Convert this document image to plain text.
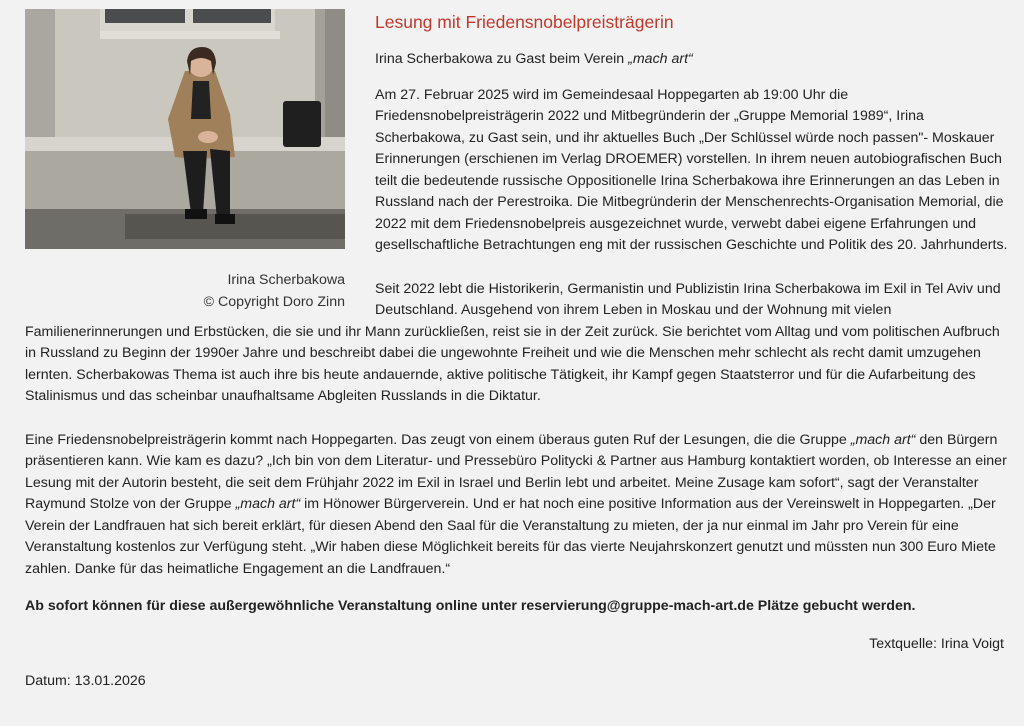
Irina Scherbakowa
© Copyright Doro Zinn
Lesung mit Friedensnobelpreisträgerin

Irina Scherbakowa zu Gast beim Verein „mach art“

Am 27. Februar 2025 wird im Gemeindesaal Hoppegarten ab 19:00 Uhr die Friedensnobelpreisträgerin 2022 und Mitbegründerin der „Gruppe Memorial 1989“, Irina Scherbakowa, zu Gast sein, und ihr aktuelles Buch „Der Schlüssel würde noch passen"- Moskauer Erinnerungen (erschienen im Verlag DROEMER) vorstellen. In ihrem neuen autobiografischen Buch teilt die bedeutende russische Oppositionelle Irina Scherbakowa ihre Erinnerungen an das Leben in Russland nach der Perestroika. Die Mitbegründerin der Menschenrechts-Organisation Memorial, die 2022 mit dem Friedensnobelpreis ausgezeichnet wurde, verwebt dabei eigene Erfahrungen und gesellschaftliche Betrachtungen eng mit der russischen Geschichte und Politik des 20. Jahrhunderts.

Seit 2022 lebt die Historikerin, Germanistin und Publizistin Irina Scherbakowa im Exil in Tel Aviv und Deutschland. Ausgehend von ihrem Leben in Moskau und der Wohnung mit vielen Familienerinnerungen und Erbstücken, die sie und ihr Mann zurückließen, reist sie in der Zeit zurück. Sie berichtet vom Alltag und vom politischen Aufbruch in Russland zu Beginn der 1990er Jahre und beschreibt dabei die ungewohnte Freiheit und wie die Menschen mehr schlecht als recht damit umzugehen lernten. Scherbakowas Thema ist auch ihre bis heute andauernde, aktive politische Tätigkeit, ihr Kampf gegen Staatsterror und für die Aufarbeitung des Stalinismus und das scheinbar unaufhaltsame Abgleiten Russlands in die Diktatur.

Eine Friedensnobelpreisträgerin kommt nach Hoppegarten. Das zeugt von einem überaus guten Ruf der Lesungen, die die Gruppe „mach art“ den Bürgern präsentieren kann. Wie kam es dazu? „Ich bin von dem Literatur- und Pressebüro Politycki & Partner aus Hamburg kontaktiert worden, ob Interesse an einer Lesung mit der Autorin besteht, die seit dem Frühjahr 2022 im Exil in Israel und Berlin lebt und arbeitet. Meine Zusage kam sofort“, sagt der Veranstalter Raymund Stolze von der Gruppe „mach art“ im Hönower Bürgerverein. Und er hat noch eine positive Information aus der Vereinswelt in Hoppegarten. „Der Verein der Landfrauen hat sich bereit erklärt, für diesen Abend den Saal für die Veranstaltung zu mieten, der ja nur einmal im Jahr pro Verein für eine Veranstaltung kostenlos zur Verfügung steht. „Wir haben diese Möglichkeit bereits für das vierte Neujahrskonzert genutzt und müssten nun 300 Euro Miete zahlen. Danke für das heimatliche Engagement an die Landfrauen.“

Ab sofort können für diese außergewöhnliche Veranstaltung online unter reservierung@gruppe-mach-art.de Plätze gebucht werden.

Textquelle: Irina Voigt

Datum: 13.01.2026
